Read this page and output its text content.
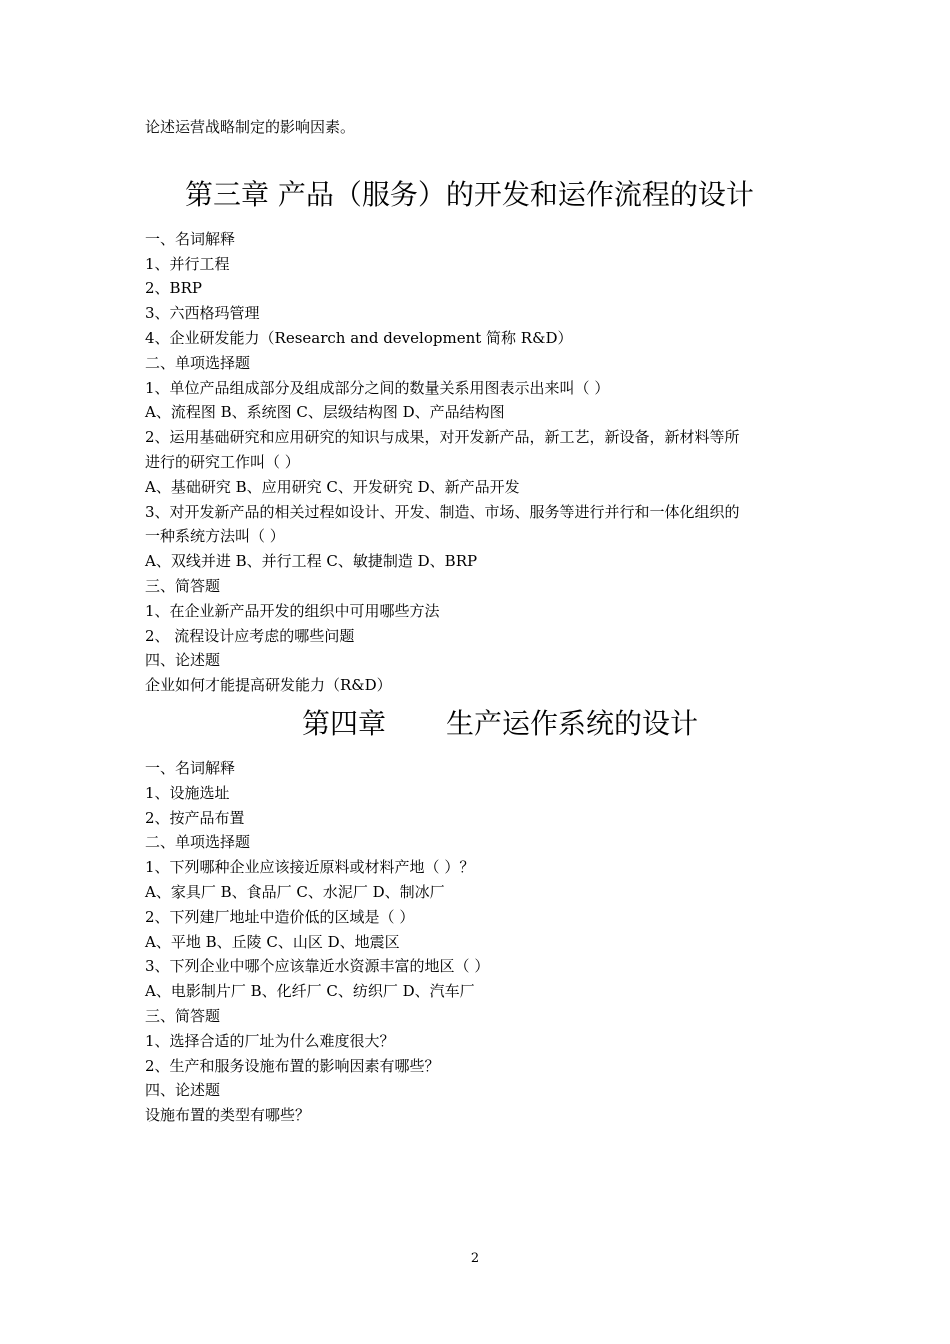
论述运营战略制定的影响因素。
第三章 产品（服务）的开发和运作流程的设计
一、名词解释
1、并行工程
2、BRP
3、六西格玛管理
4、企业研发能力（Research and development 简称 R&D）
二、单项选择题
1、单位产品组成部分及组成部分之间的数量关系用图表示出来叫（ ）
A、流程图 B、系统图 C、层级结构图 D、产品结构图
2、运用基础研究和应用研究的知识与成果，对开发新产品，新工艺，新设备，新材料等所
进行的研究工作叫（ ）
A、基础研究 B、应用研究 C、开发研究 D、新产品开发
3、对开发新产品的相关过程如设计、开发、制造、市场、服务等进行并行和一体化组织的
一种系统方法叫（ ）
A、双线并进 B、并行工程 C、敏捷制造 D、BRP
三、简答题
1、在企业新产品开发的组织中可用哪些方法
2、 流程设计应考虑的哪些问题
四、论述题
企业如何才能提高研发能力（R&D）
第四章 生产运作系统的设计
一、名词解释
1、设施选址
2、按产品布置
二、单项选择题
1、下列哪种企业应该接近原料或材料产地（ ）？
A、家具厂 B、食品厂 C、水泥厂 D、制冰厂
2、下列建厂地址中造价低的区域是（ ）
A、平地 B、丘陵 C、山区 D、地震区
3、下列企业中哪个应该靠近水资源丰富的地区（ ）
A、电影制片厂 B、化纤厂 C、纺织厂 D、汽车厂
三、简答题
1、选择合适的厂址为什么难度很大？
2、生产和服务设施布置的影响因素有哪些？
四、论述题
设施布置的类型有哪些？
2
